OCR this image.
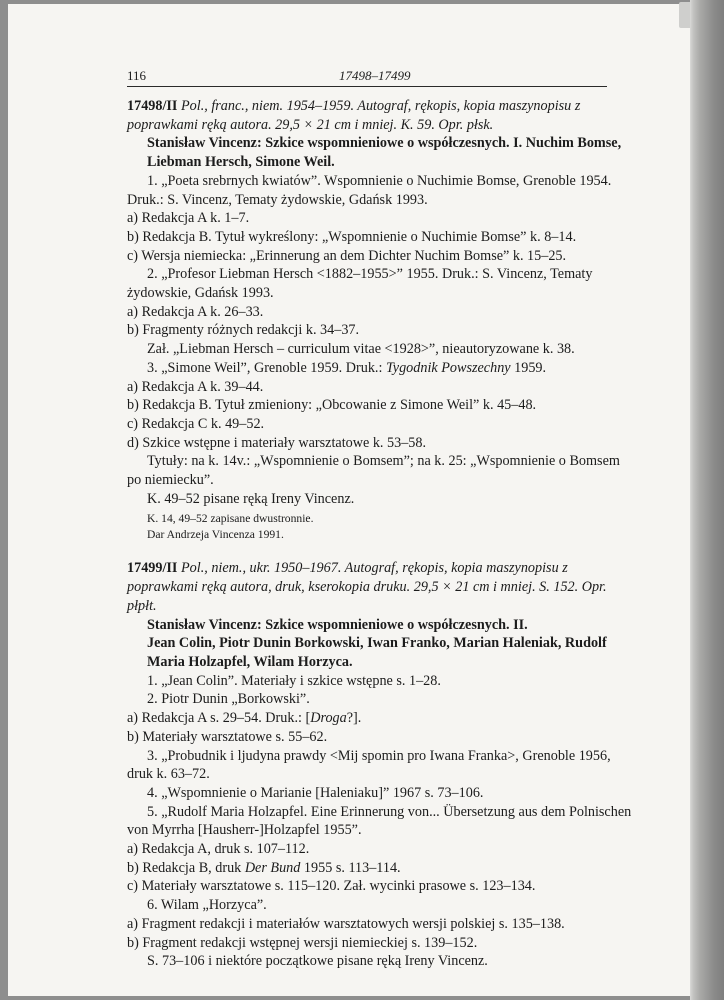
116	17498–17499

17498/II Pol., franc., niem. 1954–1959. Autograf, rękopis, kopia maszynopisu z poprawkami ręką autora. 29,5 × 21 cm i mniej. K. 59. Opr. płsk.

Stanisław Vincenz: Szkice wspomnieniowe o współczesnych. I. Nuchim Bomse, Liebman Hersch, Simone Weil.

1. „Poeta srebrnych kwiatów”. Wspomnienie o Nuchimie Bomse, Grenoble 1954. Druk.: S. Vincenz, Tematy żydowskie, Gdańsk 1993.

a) Redakcja A k. 1–7.

b) Redakcja B. Tytuł wykreślony: „Wspomnienie o Nuchimie Bomse” k. 8–14.

c) Wersja niemiecka: „Erinnerung an dem Dichter Nuchim Bomse” k. 15–25.

2. „Profesor Liebman Hersch <1882–1955>” 1955. Druk.: S. Vincenz, Tematy żydowskie, Gdańsk 1993.

a) Redakcja A k. 26–33.

b) Fragmenty różnych redakcji k. 34–37.

Zał. „Liebman Hersch – curriculum vitae <1928>”, nieautoryzowane k. 38.

3. „Simone Weil”, Grenoble 1959. Druk.: Tygodnik Powszechny 1959.

a) Redakcja A k. 39–44.

b) Redakcja B. Tytuł zmieniony: „Obcowanie z Simone Weil” k. 45–48.

c) Redakcja C k. 49–52.

d) Szkice wstępne i materiały warsztatowe k. 53–58.

Tytuły: na k. 14v.: „Wspomnienie o Bomsem”; na k. 25: „Wspomnienie o Bomsem po niemiecku”.

K. 49–52 pisane ręką Ireny Vincenz.

K. 14, 49–52 zapisane dwustronnie.

Dar Andrzeja Vincenza 1991.

17499/II Pol., niem., ukr. 1950–1967. Autograf, rękopis, kopia maszynopisu z poprawkami ręką autora, druk, kserokopia druku. 29,5 × 21 cm i mniej. S. 152. Opr. płpłt.

Stanisław Vincenz: Szkice wspomnieniowe o współczesnych. II.

Jean Colin, Piotr Dunin Borkowski, Iwan Franko, Marian Haleniak, Rudolf Maria Holzapfel, Wilam Horzyca.

1. „Jean Colin”. Materiały i szkice wstępne s. 1–28.

2. Piotr Dunin „Borkowski”.

a) Redakcja A s. 29–54. Druk.: [Droga?].

b) Materiały warsztatowe s. 55–62.

3. „Probudnik i ljudyna prawdy <Mij spomin pro Iwana Franka>, Grenoble 1956, druk k. 63–72.

4. „Wspomnienie o Marianie [Haleniaku]” 1967 s. 73–106.

5. „Rudolf Maria Holzapfel. Eine Erinnerung von... Übersetzung aus dem Polnischen von Myrrha [Hausherr-]Holzapfel 1955”.

a) Redakcja A, druk s. 107–112.

b) Redakcja B, druk Der Bund 1955 s. 113–114.

c) Materiały warsztatowe s. 115–120. Zał. wycinki prasowe s. 123–134.

6. Wilam „Horzyca”.

a) Fragment redakcji i materiałów warsztatowych wersji polskiej s. 135–138.

b) Fragment redakcji wstępnej wersji niemieckiej s. 139–152.

S. 73–106 i niektóre początkowe pisane ręką Ireny Vincenz.
